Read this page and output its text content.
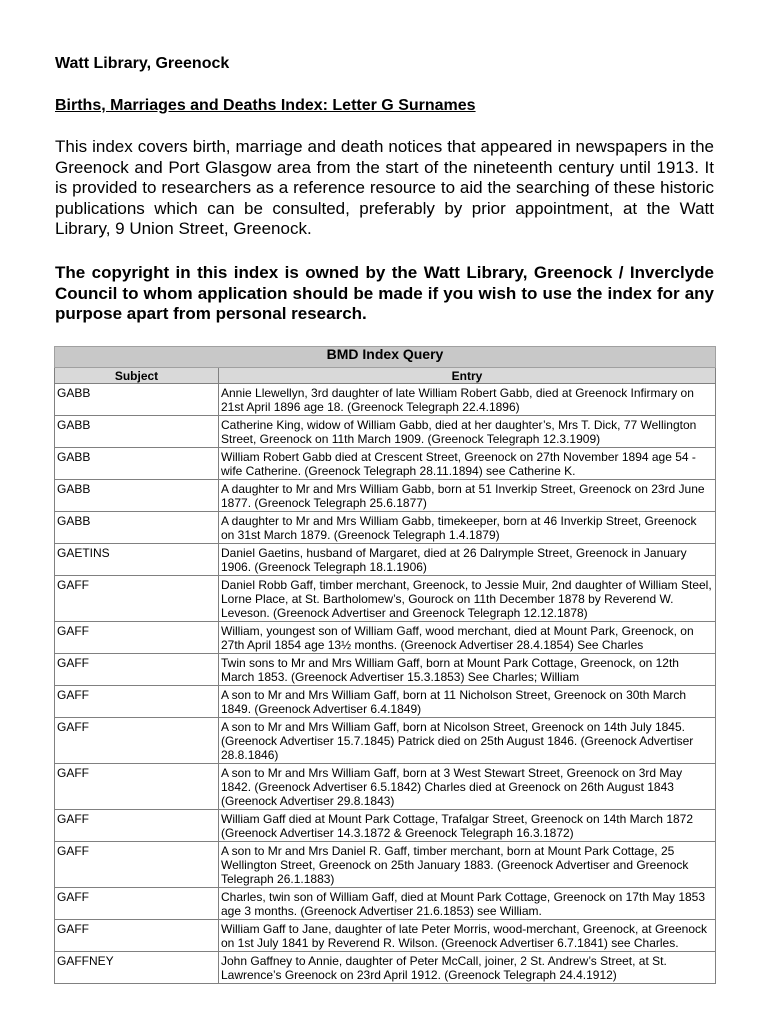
Watt Library, Greenock
Births, Marriages and Deaths Index: Letter G Surnames

This index covers birth, marriage and death notices that appeared in newspapers in the Greenock and Port Glasgow area from the start of the nineteenth century until 1913. It is provided to researchers as a reference resource to aid the searching of these historic publications which can be consulted, preferably by prior appointment, at the Watt Library, 9 Union Street, Greenock.

The copyright in this index is owned by the Watt Library, Greenock / Inverclyde Council to whom application should be made if you wish to use the index for any purpose apart from personal research.

BMD Index Query	
Subject	Entry
GABB	Annie Llewellyn, 3rd daughter of late William Robert Gabb, died at Greenock Infirmary on 21st April 1896 age 18. (Greenock Telegraph 22.4.1896)
GABB	Catherine King, widow of William Gabb, died at her daughter’s, Mrs T. Dick, 77 Wellington Street, Greenock on 11th March 1909. (Greenock Telegraph 12.3.1909)
GABB	William Robert Gabb died at Crescent Street, Greenock on 27th November 1894 age 54 - wife Catherine. (Greenock Telegraph 28.11.1894) see Catherine K.
GABB	A daughter to Mr and Mrs William Gabb, born at 51 Inverkip Street, Greenock on 23rd June 1877. (Greenock Telegraph 25.6.1877)
GABB	A daughter to Mr and Mrs William Gabb, timekeeper, born at 46 Inverkip Street, Greenock on 31st March 1879. (Greenock Telegraph 1.4.1879)
GAETINS	Daniel Gaetins, husband of Margaret, died at 26 Dalrymple Street, Greenock in January 1906. (Greenock Telegraph 18.1.1906)
GAFF	Daniel Robb Gaff, timber merchant, Greenock, to Jessie Muir, 2nd daughter of William Steel, Lorne Place, at St. Bartholomew’s, Gourock on 11th December 1878 by Reverend W. Leveson. (Greenock Advertiser and Greenock Telegraph 12.12.1878)
GAFF	William, youngest son of William Gaff, wood merchant, died at Mount Park, Greenock, on 27th April 1854 age 13½ months. (Greenock Advertiser 28.4.1854) See Charles
GAFF	Twin sons to Mr and Mrs William Gaff, born at Mount Park Cottage, Greenock, on 12th March 1853. (Greenock Advertiser 15.3.1853) See Charles; William
GAFF	A son to Mr and Mrs William Gaff, born at 11 Nicholson Street, Greenock on 30th March 1849. (Greenock Advertiser 6.4.1849)
GAFF	A son to Mr and Mrs William Gaff, born at Nicolson Street, Greenock on 14th July 1845. (Greenock Advertiser 15.7.1845) Patrick died on 25th August 1846. (Greenock Advertiser 28.8.1846)
GAFF	A son to Mr and Mrs William Gaff, born at 3 West Stewart Street, Greenock on 3rd May 1842. (Greenock Advertiser 6.5.1842) Charles died at Greenock on 26th August 1843 (Greenock Advertiser 29.8.1843)
GAFF	William Gaff died at Mount Park Cottage, Trafalgar Street, Greenock on 14th March 1872 (Greenock Advertiser 14.3.1872 & Greenock Telegraph 16.3.1872)
GAFF	A son to Mr and Mrs Daniel R. Gaff, timber merchant, born at Mount Park Cottage, 25 Wellington Street, Greenock on 25th January 1883. (Greenock Advertiser and Greenock Telegraph 26.1.1883)
GAFF	Charles, twin son of William Gaff, died at Mount Park Cottage, Greenock on 17th May 1853 age 3 months. (Greenock Advertiser 21.6.1853) see William.
GAFF	William Gaff to Jane, daughter of late Peter Morris, wood-merchant, Greenock, at Greenock on 1st July 1841 by Reverend R. Wilson. (Greenock Advertiser 6.7.1841) see Charles.
GAFFNEY	John Gaffney to Annie, daughter of Peter McCall, joiner, 2 St. Andrew’s Street, at St. Lawrence’s Greenock on 23rd April 1912. (Greenock Telegraph 24.4.1912)
